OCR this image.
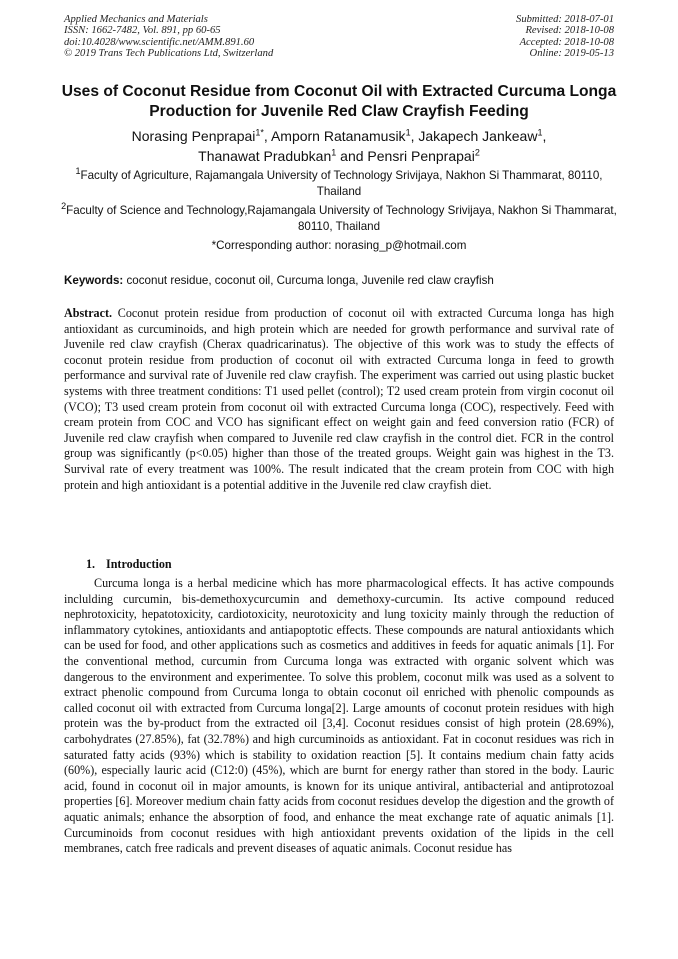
Applied Mechanics and Materials
ISSN: 1662-7482, Vol. 891, pp 60-65
doi:10.4028/www.scientific.net/AMM.891.60
© 2019 Trans Tech Publications Ltd, Switzerland
Submitted: 2018-07-01
Revised: 2018-10-08
Accepted: 2018-10-08
Online: 2019-05-13
Uses of Coconut Residue from Coconut Oil with Extracted Curcuma Longa Production for Juvenile Red Claw Crayfish Feeding
Norasing Penprapai$^{1*}$, Amporn Ratanamusik$^1$, Jakapech Jankeaw$^1$,
Thanawat Pradubkan$^1$ and Pensri Penprapai$^2$
$^1$Faculty of Agriculture, Rajamangala University of Technology Srivijaya, Nakhon Si Thammarat, 80110, Thailand
$^2$Faculty of Science and Technology,Rajamangala University of Technology Srivijaya, Nakhon Si Thammarat, 80110, Thailand
*Corresponding author: norasing_p@hotmail.com
Keywords: coconut residue, coconut oil, Curcuma longa, Juvenile red claw crayfish
Abstract. Coconut protein residue from production of coconut oil with extracted Curcuma longa has high antioxidant as curcuminoids, and high protein which are needed for growth performance and survival rate of Juvenile red claw crayfish (Cherax quadricarinatus). The objective of this work was to study the effects of coconut protein residue from production of coconut oil with extracted Curcuma longa in feed to growth performance and survival rate of Juvenile red claw crayfish. The experiment was carried out using plastic bucket systems with three treatment conditions: T1 used pellet (control); T2 used cream protein from virgin coconut oil (VCO); T3 used cream protein from coconut oil with extracted Curcuma longa (COC), respectively. Feed with cream protein from COC and VCO has significant effect on weight gain and feed conversion ratio (FCR) of Juvenile red claw crayfish when compared to Juvenile red claw crayfish in the control diet. FCR in the control group was significantly (p<0.05) higher than those of the treated groups. Weight gain was highest in the T3. Survival rate of every treatment was 100%. The result indicated that the cream protein from COC with high protein and high antioxidant is a potential additive in the Juvenile red claw crayfish diet.
1. Introduction
Curcuma longa is a herbal medicine which has more pharmacological effects. It has active compounds inclulding curcumin, bis-demethoxycurcumin and demethoxy-curcumin. Its active compound reduced nephrotoxicity, hepatotoxicity, cardiotoxicity, neurotoxicity and lung toxicity mainly through the reduction of inflammatory cytokines, antioxidants and antiapoptotic effects. These compounds are natural antioxidants which can be used for food, and other applications such as cosmetics and additives in feeds for aquatic animals [1]. For the conventional method, curcumin from Curcuma longa was extracted with organic solvent which was dangerous to the environment and experimentee. To solve this problem, coconut milk was used as a solvent to extract phenolic compound from Curcuma longa to obtain coconut oil enriched with phenolic compounds as called coconut oil with extracted from Curcuma longa[2]. Large amounts of coconut protein residues with high protein was the by-product from the extracted oil [3,4]. Coconut residues consist of high protein (28.69%), carbohydrates (27.85%), fat (32.78%) and high curcuminoids as antioxidant. Fat in coconut residues was rich in saturated fatty acids (93%) which is stability to oxidation reaction [5]. It contains medium chain fatty acids (60%), especially lauric acid (C12:0) (45%), which are burnt for energy rather than stored in the body. Lauric acid, found in coconut oil in major amounts, is known for its unique antiviral, antibacterial and antiprotozoal properties [6]. Moreover medium chain fatty acids from coconut residues develop the digestion and the growth of aquatic animals; enhance the absorption of food, and enhance the meat exchange rate of aquatic animals [1]. Curcuminoids from coconut residues with high antioxidant prevents oxidation of the lipids in the cell membranes, catch free radicals and prevent diseases of aquatic animals. Coconut residue has
